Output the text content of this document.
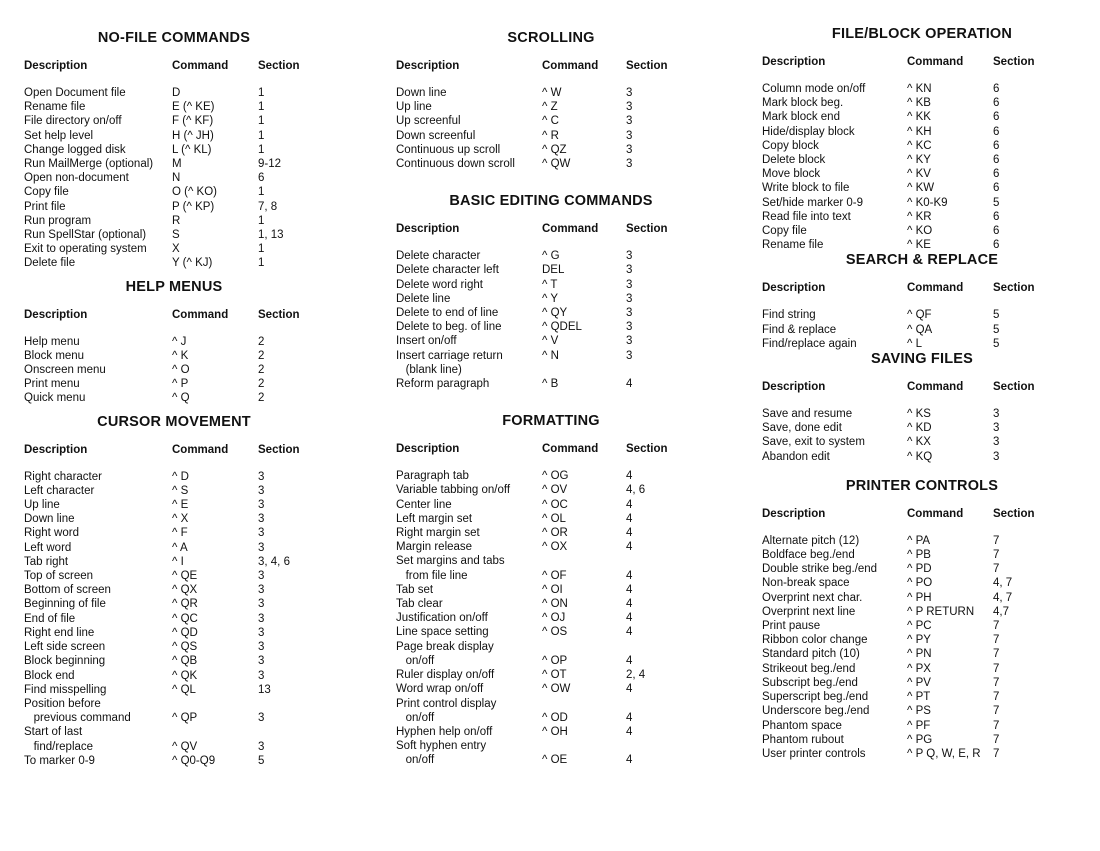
NO-FILE COMMANDS
Description	Command	Section
Open Document file	D	1
Rename file	E (^ KE)	1
File directory on/off	F (^ KF)	1
Set help level	H (^ JH)	1
Change logged disk	L (^ KL)	1
Run MailMerge (optional)	M	9-12
Open non-document	N	6
Copy file	O (^ KO)	1
Print file	P (^ KP)	7, 8
Run program	R	1
Run SpellStar (optional)	S	1, 13
Exit to operating system	X	1
Delete file	Y (^ KJ)	1
HELP MENUS
Description	Command	Section
Help menu	^ J	2
Block menu	^ K	2
Onscreen menu	^ O	2
Print menu	^ P	2
Quick menu	^ Q	2
CURSOR MOVEMENT
Description	Command	Section
Right character	^ D	3
Left character	^ S	3
Up line	^ E	3
Down line	^ X	3
Right word	^ F	3
Left word	^ A	3
Tab right	^ I	3, 4, 6
Top of screen	^ QE	3
Bottom of screen	^ QX	3
Beginning of file	^ QR	3
End of file	^ QC	3
Right end line	^ QD	3
Left side screen	^ QS	3
Block beginning	^ QB	3
Block end	^ QK	3
Find misspelling	^ QL	13
Position before
previous command	^ QP	3
Start of last
find/replace	^ QV	3
To marker 0-9	^ Q0-Q9	5
SCROLLING
Description	Command	Section
Down line	^ W	3
Up line	^ Z	3
Up screenful	^ C	3
Down screenful	^ R	3
Continuous up scroll	^ QZ	3
Continuous down scroll	^ QW	3
BASIC EDITING COMMANDS
Description	Command	Section
Delete character	^ G	3
Delete character left	DEL	3
Delete word right	^ T	3
Delete line	^ Y	3
Delete to end of line	^ QY	3
Delete to beg. of line	^ QDEL	3
Insert on/off	^ V	3
Insert carriage return	^ N	3
(blank line)
Reform paragraph	^ B	4
FORMATTING
Description	Command	Section
Paragraph tab	^ OG	4
Variable tabbing on/off	^ OV	4, 6
Center line	^ OC	4
Left margin set	^ OL	4
Right margin set	^ OR	4
Margin release	^ OX	4
Set margins and tabs
from file line	^ OF	4
Tab set	^ OI	4
Tab clear	^ ON	4
Justification on/off	^ OJ	4
Line space setting	^ OS	4
Page break display
on/off	^ OP	4
Ruler display on/off	^ OT	2, 4
Word wrap on/off	^ OW	4
Print control display
on/off	^ OD	4
Hyphen help on/off	^ OH	4
Soft hyphen entry
on/off	^ OE	4
FILE/BLOCK OPERATION
Description	Command	Section
Column mode on/off	^ KN	6
Mark block beg.	^ KB	6
Mark block end	^ KK	6
Hide/display block	^ KH	6
Copy block	^ KC	6
Delete block	^ KY	6
Move block	^ KV	6
Write block to file	^ KW	6
Set/hide marker 0-9	^ K0-K9	5
Read file into text	^ KR	6
Copy file	^ KO	6
Rename file	^ KE	6
SEARCH & REPLACE
Description	Command	Section
Find string	^ QF	5
Find & replace	^ QA	5
Find/replace again	^ L	5
SAVING FILES
Description	Command	Section
Save and resume	^ KS	3
Save, done edit	^ KD	3
Save, exit to system	^ KX	3
Abandon edit	^ KQ	3
PRINTER CONTROLS
Description	Command	Section
Alternate pitch (12)	^ PA	7
Boldface beg./end	^ PB	7
Double strike beg./end	^ PD	7
Non-break space	^ PO	4, 7
Overprint next char.	^ PH	4, 7
Overprint next line	^ P RETURN	4,7
Print pause	^ PC	7
Ribbon color change	^ PY	7
Standard pitch (10)	^ PN	7
Strikeout beg./end	^ PX	7
Subscript beg./end	^ PV	7
Superscript beg./end	^ PT	7
Underscore beg./end	^ PS	7
Phantom space	^ PF	7
Phantom rubout	^ PG	7
User printer controls	^ P Q, W, E, R	7
